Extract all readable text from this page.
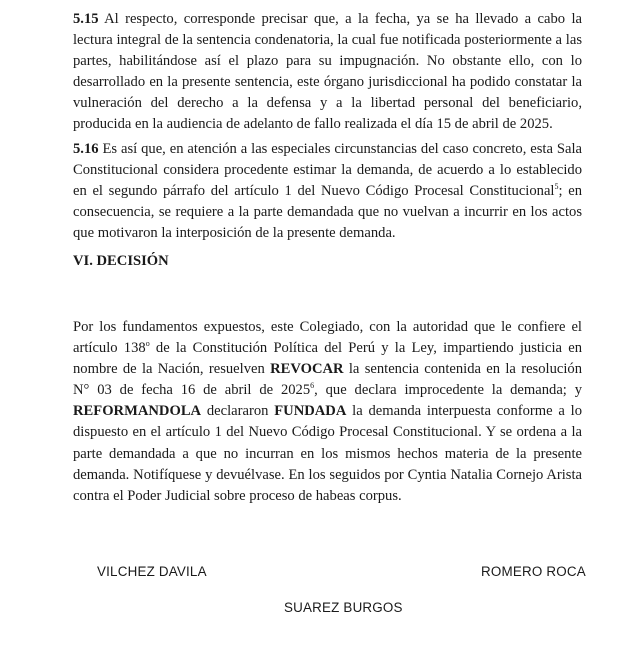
5.15 Al respecto, corresponde precisar que, a la fecha, ya se ha llevado a cabo la lectura integral de la sentencia condenatoria, la cual fue notificada posteriormente a las partes, habilitándose así el plazo para su impugnación. No obstante ello, con lo desarrollado en la presente sentencia, este órgano jurisdiccional ha podido constatar la vulneración del derecho a la defensa y a la libertad personal del beneficiario, producida en la audiencia de adelanto de fallo realizada el día 15 de abril de 2025.

5.16 Es así que, en atención a las especiales circunstancias del caso concreto, esta Sala Constitucional considera procedente estimar la demanda, de acuerdo a lo establecido en el segundo párrafo del artículo 1 del Nuevo Código Procesal Constitucional$^5$; en consecuencia, se requiere a la parte demandada que no vuelvan a incurrir en los actos que motivaron la interposición de la presente demanda.

VI. DECISIÓN

Por los fundamentos expuestos, este Colegiado, con la autoridad que le confiere el artículo 138$^o$ de la Constitución Política del Perú y la Ley, impartiendo justicia en nombre de la Nación, resuelven REVOCAR la sentencia contenida en la resolución N° 03 de fecha 16 de abril de 2025$^6$, que declara improcedente la demanda; y REFORMANDOLA declararon FUNDADA la demanda interpuesta conforme a lo dispuesto en el artículo 1 del Nuevo Código Procesal Constitucional. Y se ordena a la parte demandada a que no incurran en los mismos hechos materia de la presente demanda. Notifíquese y devuélvase. En los seguidos por Cyntia Natalia Cornejo Arista contra el Poder Judicial sobre proceso de habeas corpus.

VILCHEZ DAVILA	ROMERO ROCA
SUAREZ BURGOS
